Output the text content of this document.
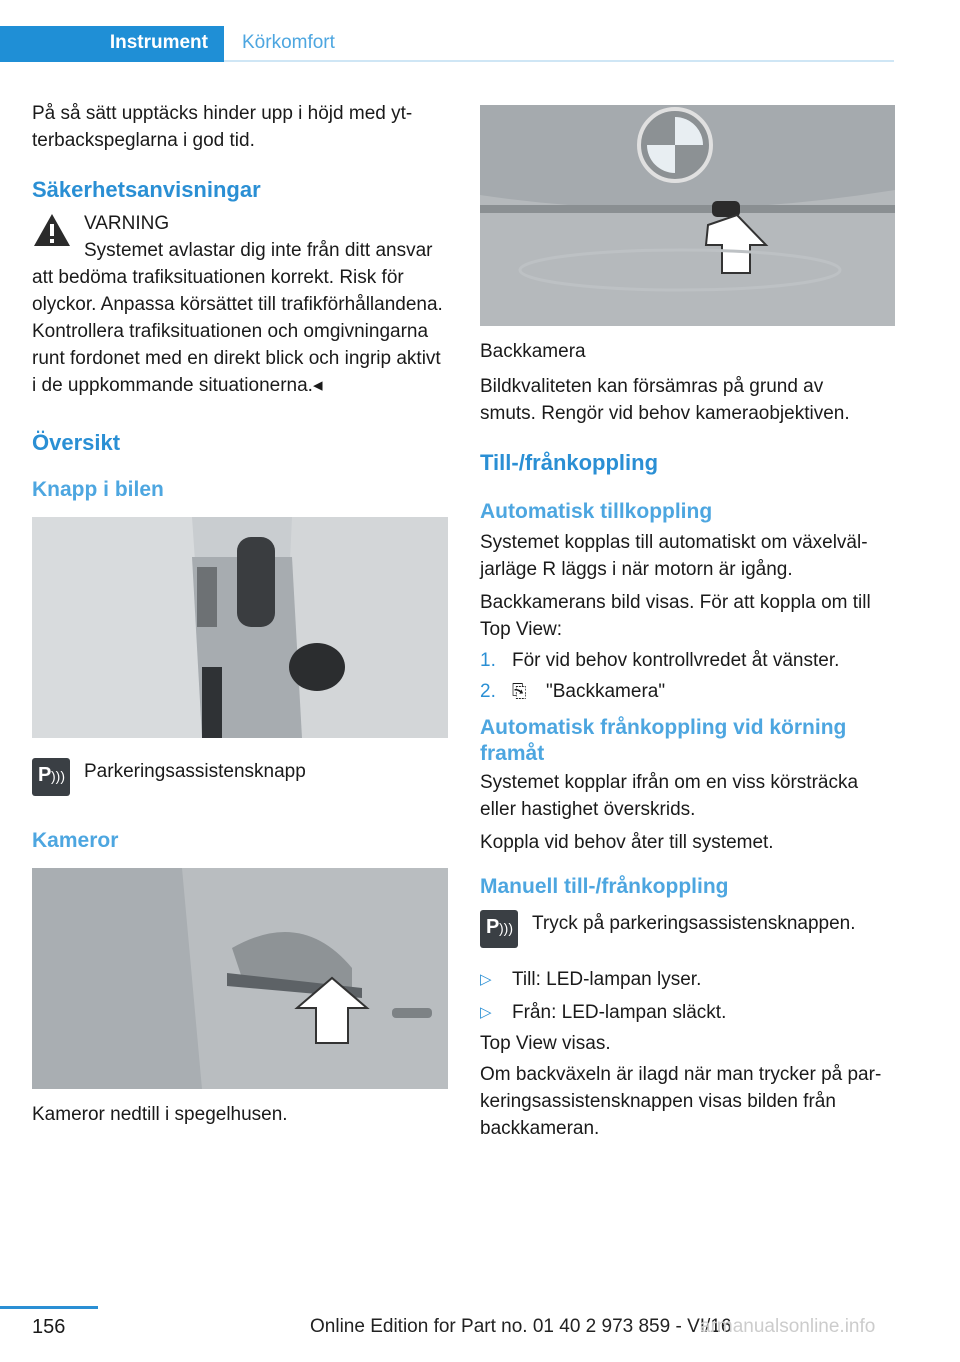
Instrument	Körkomfort

På så sätt upptäcks hinder upp i höjd med ytterbackspeglarna i god tid.

Säkerhetsanvisningar

VARNING

Systemet avlastar dig inte från ditt ansvar att bedöma trafiksituationen korrekt. Risk för olyckor. Anpassa körsättet till trafikförhållandena. Kontrollera trafiksituationen och omgivningarna runt fordonet med en direkt blick och ingrip aktivt i de uppkommande situationerna.◂

Översikt
Knapp i bilen
P ))) Parkeringsassistensknapp

Kameror

Kameror nedtill i spegelhusen.

Backkamera

Bildkvaliteten kan försämras på grund av smuts. Rengör vid behov kameraobjektiven.

Till-/frånkoppling
Automatisk tillkoppling

Systemet kopplas till automatiskt om växelväljarläge R läggs i när motorn är igång.

Backkamerans bild visas. För att koppla om till Top View:

1. För vid behov kontrollvredet åt vänster.
2. ⎘	"Backkamera"
Automatisk frånkoppling vid körning framåt

Systemet kopplar ifrån om en viss körsträcka eller hastighet överskrids.

Koppla vid behov åter till systemet.

Manuell till-/frånkoppling
P ))) Tryck på parkeringsassistensknappen.

▷	Till: LED-lampan lyser.
▷	Från: LED-lampan släckt.

Top View visas.

Om backväxeln är ilagd när man trycker på parkeringsassistensknappen visas bilden från backkameran.

156	Online Edition for Part no. 01 40 2 973 859 - VI/16
armanualsonline.info
